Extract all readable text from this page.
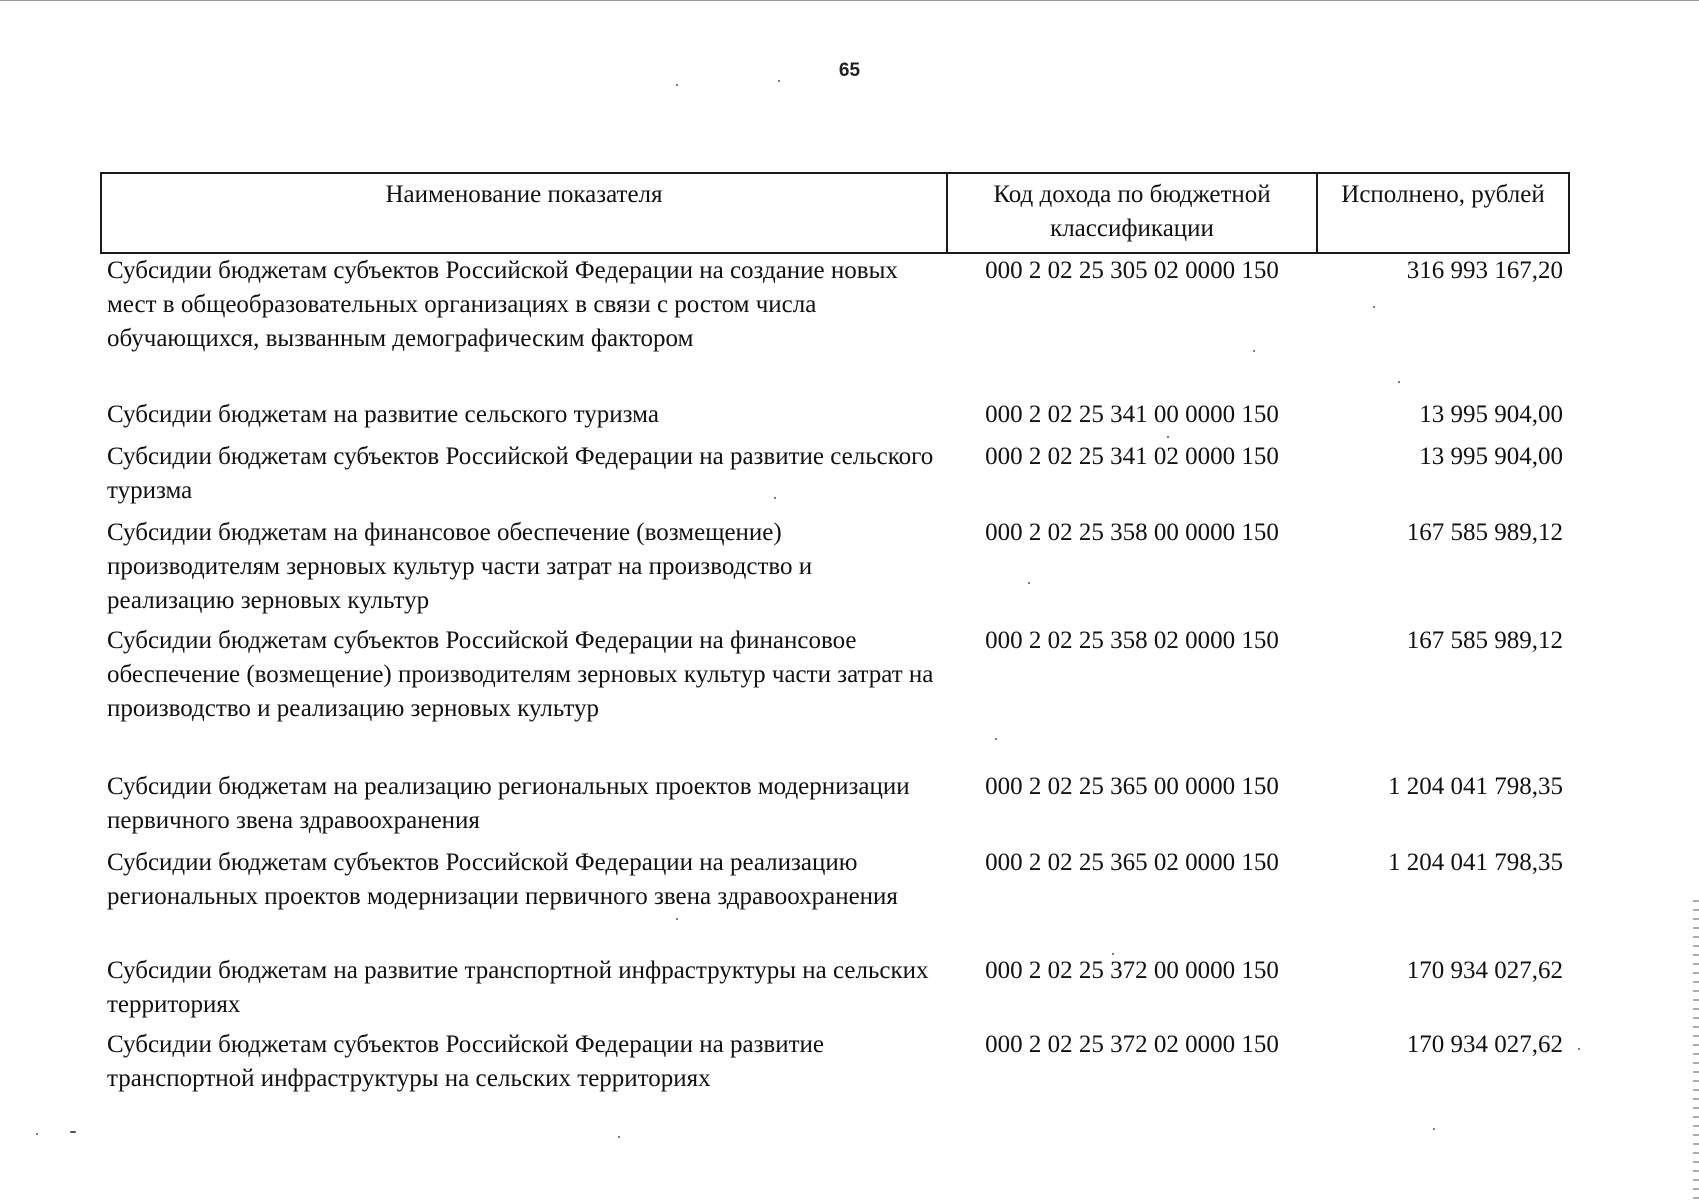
65
Наименование показателя	Код дохода по бюджетной классификации	Исполнено, рублей
Субсидии бюджетам субъектов Российской Федерации на создание новых мест в общеобразовательных организациях в связи с ростом числа обучающихся, вызванным демографическим фактором	000 2 02 25 305 02 0000 150	316 993 167,20
Субсидии бюджетам на развитие сельского туризма	000 2 02 25 341 00 0000 150	13 995 904,00
Субсидии бюджетам субъектов Российской Федерации на развитие сельского туризма	000 2 02 25 341 02 0000 150	13 995 904,00
Субсидии бюджетам на финансовое обеспечение (возмещение) производителям зерновых культур части затрат на производство и реализацию зерновых культур	000 2 02 25 358 00 0000 150	167 585 989,12
Субсидии бюджетам субъектов Российской Федерации на финансовое обеспечение (возмещение) производителям зерновых культур части затрат на производство и реализацию зерновых культур	000 2 02 25 358 02 0000 150	167 585 989,12
Субсидии бюджетам на реализацию региональных проектов модернизации первичного звена здравоохранения	000 2 02 25 365 00 0000 150	1 204 041 798,35
Субсидии бюджетам субъектов Российской Федерации на реализацию региональных проектов модернизации первичного звена здравоохранения	000 2 02 25 365 02 0000 150	1 204 041 798,35
Субсидии бюджетам на развитие транспортной инфраструктуры на сельских территориях	000 2 02 25 372 00 0000 150	170 934 027,62
Субсидии бюджетам субъектов Российской Федерации на развитие транспортной инфраструктуры на сельских территориях	000 2 02 25 372 02 0000 150	170 934 027,62
